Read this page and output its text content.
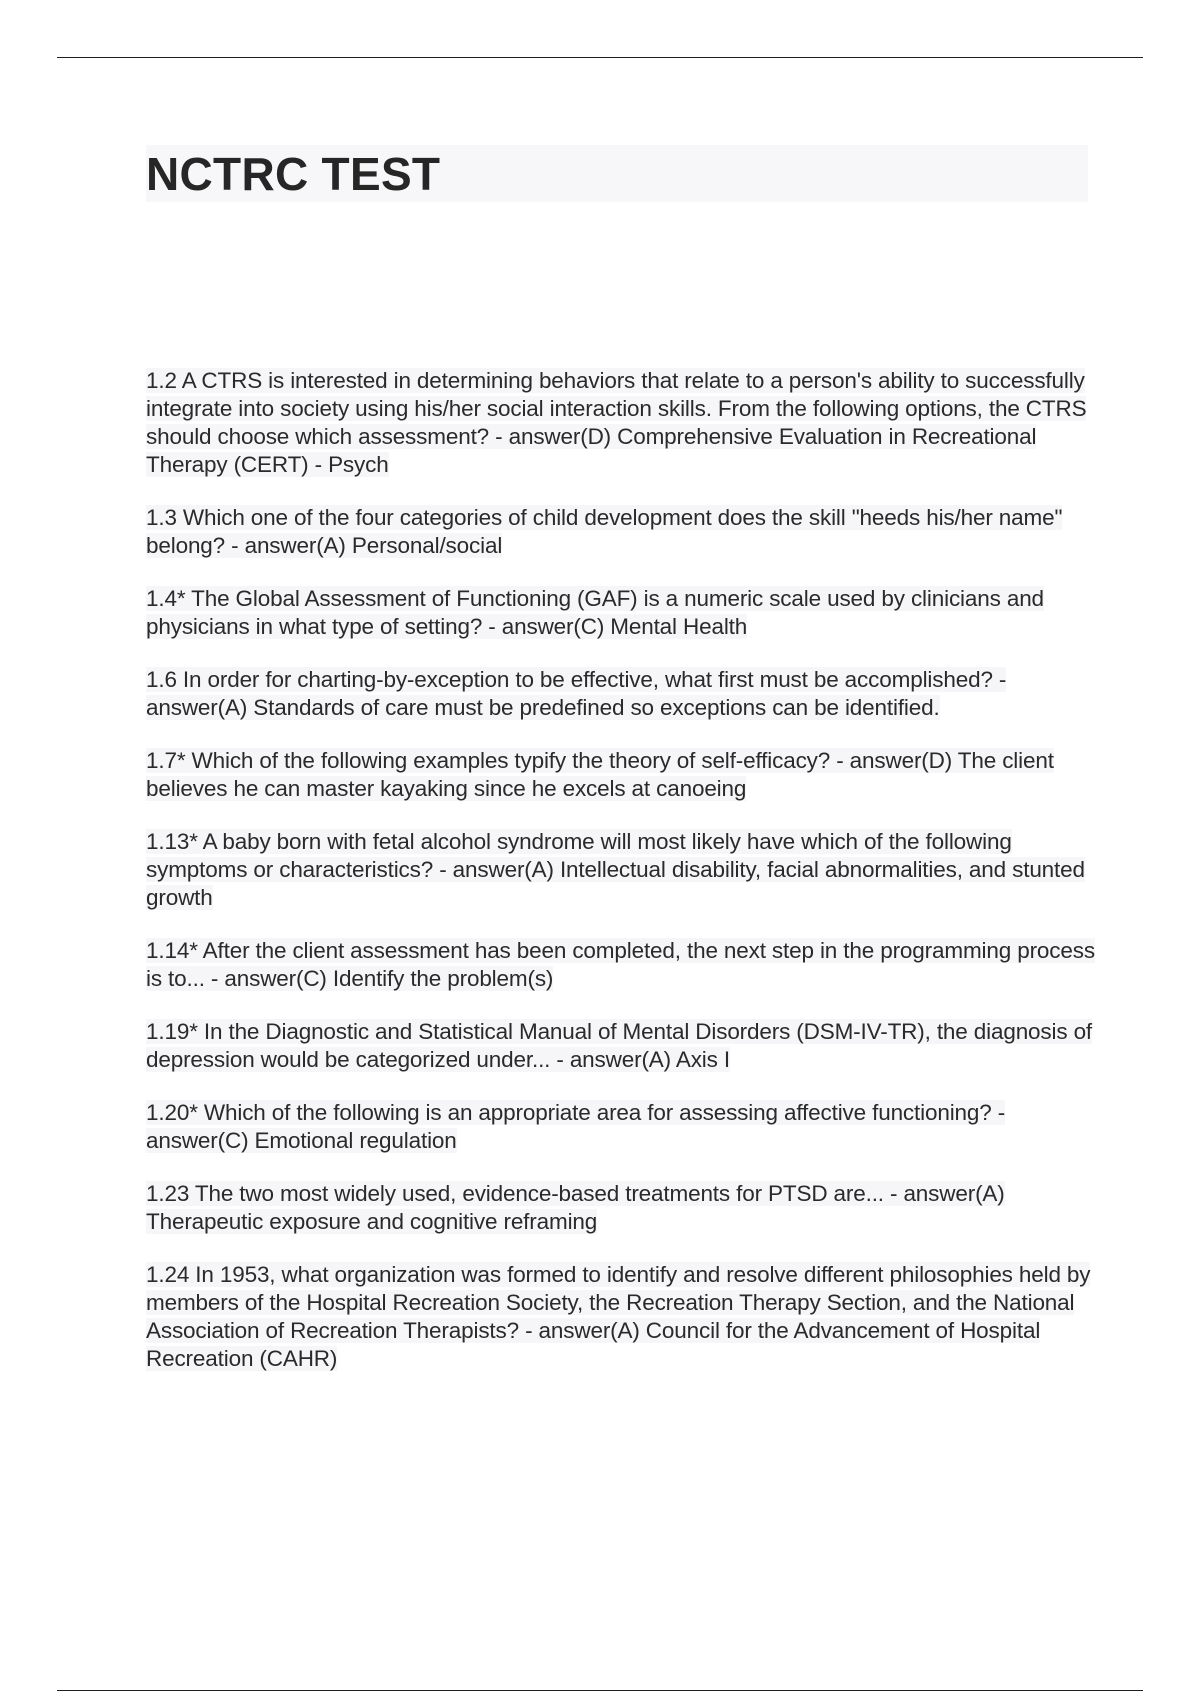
NCTRC TEST
1.2 A CTRS is interested in determining behaviors that relate to a person's ability to successfully integrate into society using his/her social interaction skills. From the following options, the CTRS should choose which assessment? - answer(D) Comprehensive Evaluation in Recreational Therapy (CERT) - Psych
1.3 Which one of the four categories of child development does the skill "heeds his/her name" belong? - answer(A) Personal/social
1.4* The Global Assessment of Functioning (GAF) is a numeric scale used by clinicians and physicians in what type of setting? - answer(C) Mental Health
1.6 In order for charting-by-exception to be effective, what first must be accomplished? - answer(A) Standards of care must be predefined so exceptions can be identified.
1.7* Which of the following examples typify the theory of self-efficacy? - answer(D) The client believes he can master kayaking since he excels at canoeing
1.13* A baby born with fetal alcohol syndrome will most likely have which of the following symptoms or characteristics? - answer(A) Intellectual disability, facial abnormalities, and stunted growth
1.14* After the client assessment has been completed, the next step in the programming process is to... - answer(C) Identify the problem(s)
1.19* In the Diagnostic and Statistical Manual of Mental Disorders (DSM-IV-TR), the diagnosis of depression would be categorized under... - answer(A) Axis I
1.20* Which of the following is an appropriate area for assessing affective functioning? - answer(C) Emotional regulation
1.23 The two most widely used, evidence-based treatments for PTSD are... - answer(A) Therapeutic exposure and cognitive reframing
1.24 In 1953, what organization was formed to identify and resolve different philosophies held by members of the Hospital Recreation Society, the Recreation Therapy Section, and the National Association of Recreation Therapists? - answer(A) Council for the Advancement of Hospital Recreation (CAHR)
